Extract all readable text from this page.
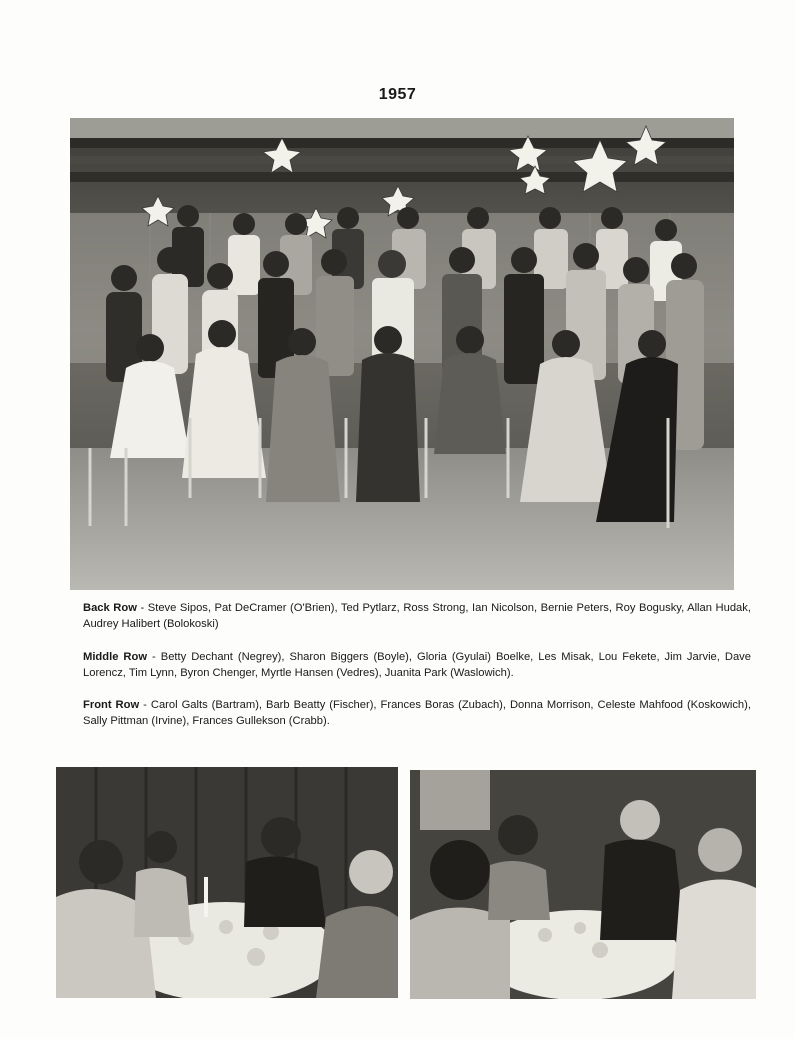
1957
Back Row - Steve Sipos, Pat DeCramer (O'Brien), Ted Pytlarz, Ross Strong, Ian Nicolson, Bernie Peters, Roy Bogusky, Allan Hudak, Audrey Halibert (Bolokoski)
Middle Row - Betty Dechant (Negrey), Sharon Biggers (Boyle), Gloria (Gyulai) Boelke, Les Misak, Lou Fekete, Jim Jarvie, Dave Lorencz, Tim Lynn, Byron Chenger, Myrtle Hansen (Vedres), Juanita Park (Waslowich).
Front Row - Carol Galts (Bartram), Barb Beatty (Fischer), Frances Boras (Zubach), Donna Morrison, Celeste Mahfood (Koskowich), Sally Pittman (Irvine), Frances Gullekson (Crabb).
